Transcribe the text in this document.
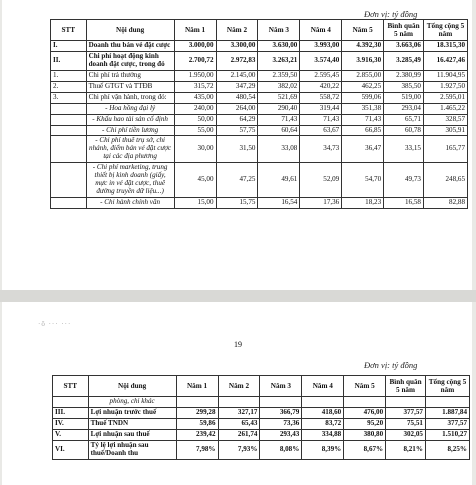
Đơn vị: tỷ đồng
STT	Nội dung	Năm 1	Năm 2	Năm 3	Năm 4	Năm 5	Bình quân 5 năm	Tổng cộng 5 năm
I.	Doanh thu bán vé đặt cược	3.000,00	3.300,00	3.630,00	3.993,00	4.392,30	3.663,06	18.315,30
II.	Chi phí hoạt động kinh doanh đặt cược, trong đó	2.700,72	2.972,83	3.263,21	3.574,40	3.916,30	3.285,49	16.427,46
1.	Chi phí trả thưởng	1.950,00	2.145,00	2.359,50	2.595,45	2.855,00	2.380,99	11.904,95
2.	Thuế GTGT và TTĐB	315,72	347,29	382,02	420,22	462,25	385,50	1.927,50
3.	Chi phí vận hành, trong đó:	435,00	480,54	521,69	558,72	599,06	519,00	2.595,01
	- Hoa hồng đại lý	240,00	264,00	290,40	319,44	351,38	293,04	1.465,22
	- Khấu hao tài sản cố định	50,00	64,29	71,43	71,43	71,43	65,71	328,57
	- Chi phí tiền lương	55,00	57,75	60,64	63,67	66,85	60,78	305,91
	- Chi phí thuê trụ sở, chi nhánh, điểm bán vé đặt cược tại các địa phương	30,00	31,50	33,08	34,73	36,47	33,15	165,77
	- Chi phí marketing, trung thiết bị kinh doanh (giấy, mực in vé đặt cược, thuê đường truyền dữ liệu...)	45,00	47,25	49,61	52,09	54,70	49,73	248,65
	- Chi hành chính văn	15,00	15,75	16,54	17,36	18,23	16,58	82,88
·ǒ ··· ···
19
Đơn vị: tỷ đồng
STT	Nội dung	Năm 1	Năm 2	Năm 3	Năm 4	Năm 5	Bình quân 5 năm	Tổng cộng 5 năm
	phòng, chi khác							
III.	Lợi nhuận trước thuế	299,28	327,17	366,79	418,60	476,00	377,57	1.887,84
IV.	Thuế TNDN	59,86	65,43	73,36	83,72	95,20	75,51	377,57
V.	Lợi nhuận sau thuế	239,42	261,74	293,43	334,88	380,80	302,05	1.510,27
VI.	Tỷ lệ lợi nhuận sau thuế/Doanh thu	7,98%	7,93%	8,08%	8,39%	8,67%	8,21%	8,25%
